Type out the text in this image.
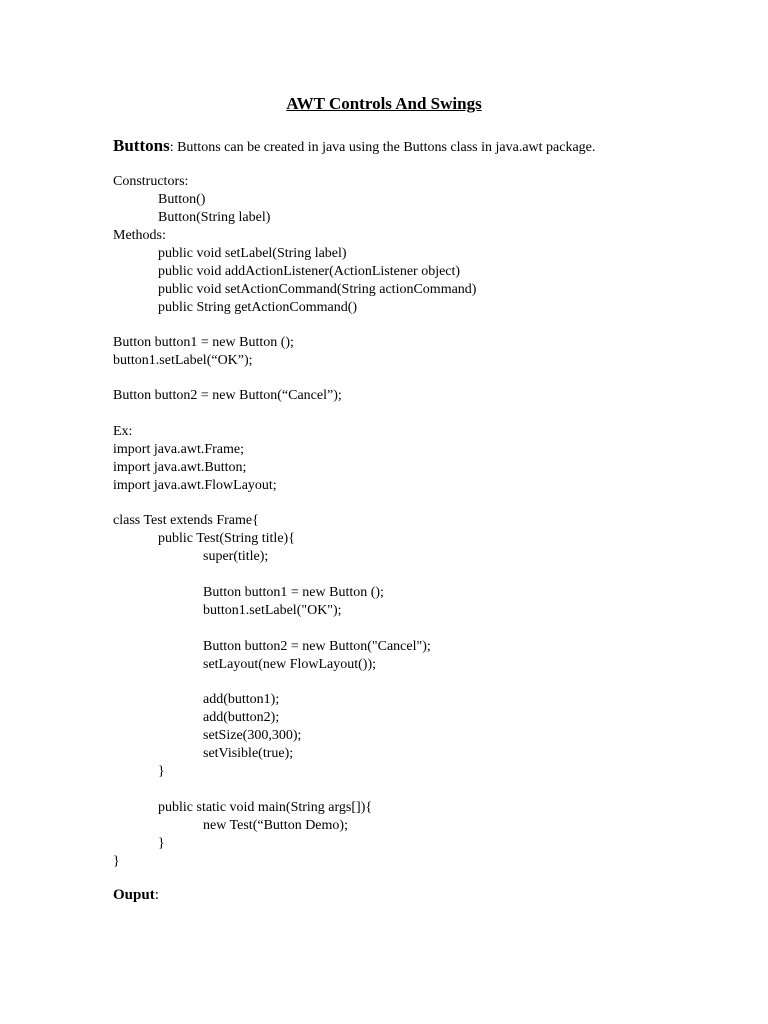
AWT Controls And Swings
Buttons: Buttons can be created in java using the Buttons class in java.awt package.
Constructors:
Button()
Button(String label)
Methods:
public void setLabel(String label)
public void addActionListener(ActionListener object)
public void setActionCommand(String actionCommand)
public String getActionCommand()
Button button1 = new Button ();
button1.setLabel(“OK”);
Button button2 = new Button(“Cancel”);
Ex:
import java.awt.Frame;
import java.awt.Button;
import java.awt.FlowLayout;
class Test extends Frame{
public Test(String title){
super(title);
Button button1 = new Button ();
button1.setLabel("OK");
Button button2 = new Button("Cancel");
setLayout(new FlowLayout());
add(button1);
add(button2);
setSize(300,300);
setVisible(true);
}
public static void main(String args[]){
new Test(“Button Demo);
}
}
Ouput:
